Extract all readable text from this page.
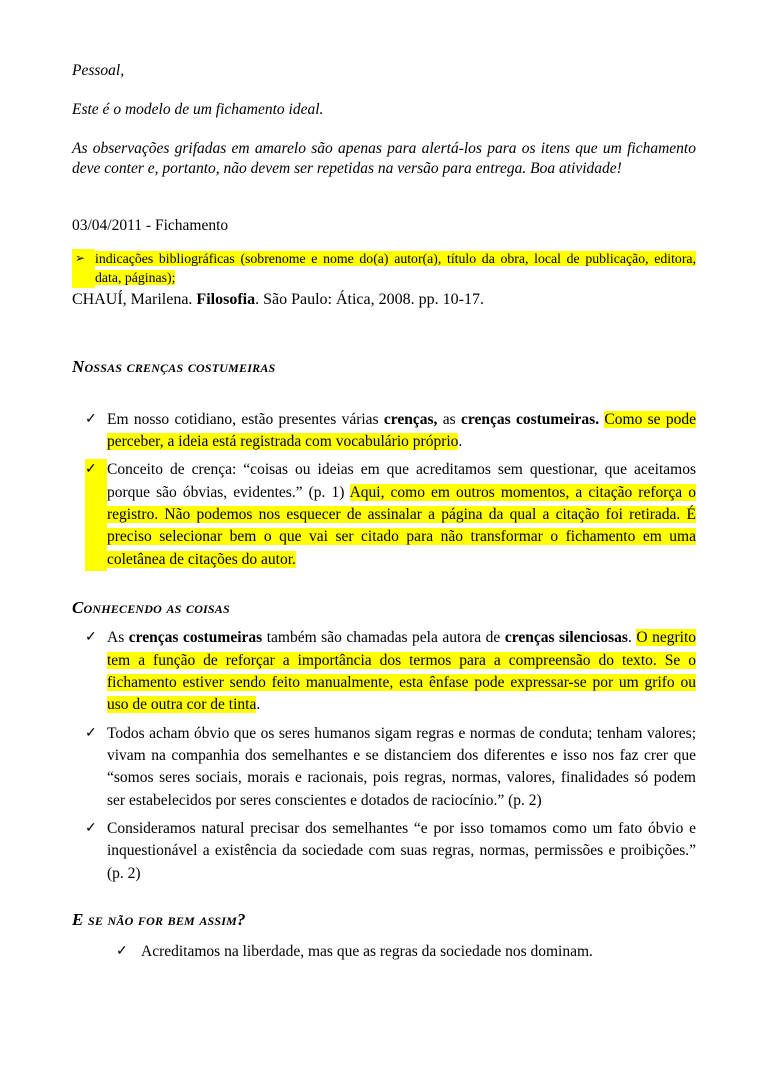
Pessoal,

Este é o modelo de um fichamento ideal.

As observações grifadas em amarelo são apenas para alertá-los para os itens que um fichamento deve conter e, portanto, não devem ser repetidas na versão para entrega. Boa atividade!

03/04/2011 - Fichamento

➢ indicações bibliográficas (sobrenome e nome do(a) autor(a), título da obra, local de publicação, editora, data, páginas);

CHAUÍ, Marilena. Filosofia. São Paulo: Ática, 2008. pp. 10-17.

Nossas crenças costumeiras
✓ Em nosso cotidiano, estão presentes várias crenças, as crenças costumeiras. Como se pode perceber, a ideia está registrada com vocabulário próprio.
✓ Conceito de crença: “coisas ou ideias em que acreditamos sem questionar, que aceitamos porque são óbvias, evidentes.” (p. 1) Aqui, como em outros momentos, a citação reforça o registro. Não podemos nos esquecer de assinalar a página da qual a citação foi retirada. É preciso selecionar bem o que vai ser citado para não transformar o fichamento em uma coletânea de citações do autor.
Conhecendo as coisas
✓ As crenças costumeiras também são chamadas pela autora de crenças silenciosas. O negrito tem a função de reforçar a importância dos termos para a compreensão do texto. Se o fichamento estiver sendo feito manualmente, esta ênfase pode expressar-se por um grifo ou uso de outra cor de tinta.
✓ Todos acham óbvio que os seres humanos sigam regras e normas de conduta; tenham valores; vivam na companhia dos semelhantes e se distanciem dos diferentes e isso nos faz crer que “somos seres sociais, morais e racionais, pois regras, normas, valores, finalidades só podem ser estabelecidos por seres conscientes e dotados de raciocínio.” (p. 2)
✓ Consideramos natural precisar dos semelhantes “e por isso tomamos como um fato óbvio e inquestionável a existência da sociedade com suas regras, normas, permissões e proibições.” (p. 2)
E se não for bem assim?
✓ Acreditamos na liberdade, mas que as regras da sociedade nos dominam.
